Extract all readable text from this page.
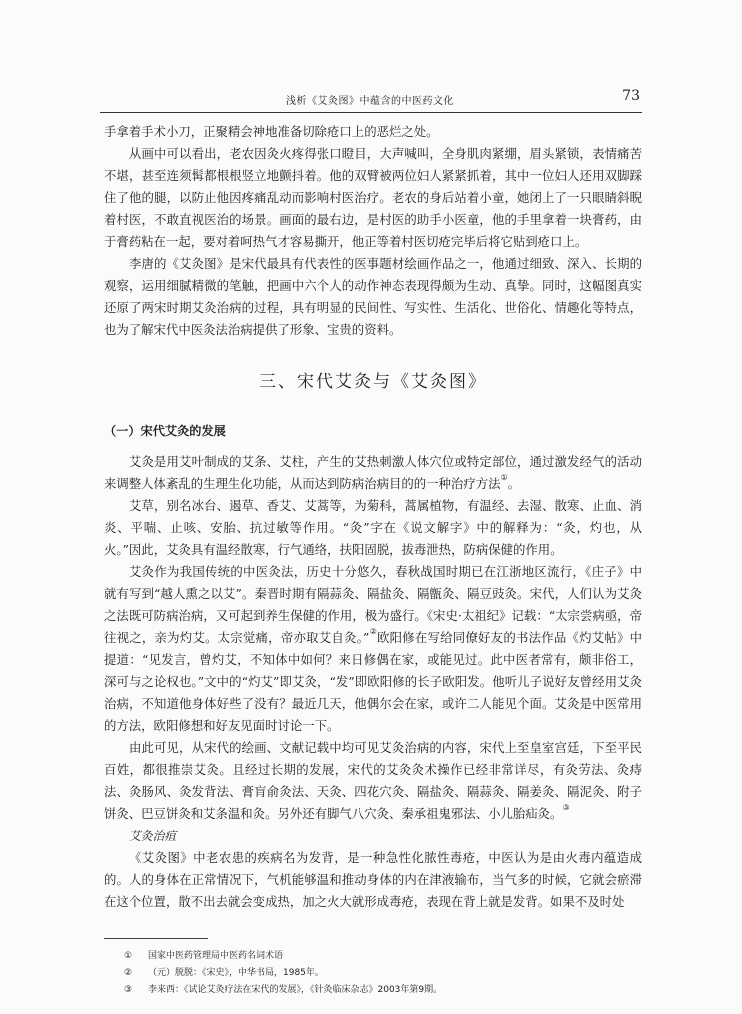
浅析《艾灸图》中蕴含的中医药文化	73

手拿着手术小刀，正聚精会神地准备切除疮口上的恶烂之处。

从画中可以看出，老农因灸火疼得张口瞪目，大声喊叫，全身肌肉紧绷，眉头紧锁，表情痛苦不堪，甚至连须髯都根根竖立地颤抖着。他的双臂被两位妇人紧紧抓着，其中一位妇人还用双脚踩住了他的腿，以防止他因疼痛乱动而影响村医治疗。老农的身后站着小童，她闭上了一只眼睛斜睨着村医，不敢直视医治的场景。画面的最右边，是村医的助手小医童，他的手里拿着一块膏药，由于膏药粘在一起，要对着呵热气才容易撕开，他正等着村医切疮完毕后将它贴到疮口上。

李唐的《艾灸图》是宋代最具有代表性的医事题材绘画作品之一，他通过细致、深入、长期的观察，运用细腻精微的笔触，把画中六个人的动作神态表现得颇为生动、真挚。同时，这幅图真实还原了两宋时期艾灸治病的过程，具有明显的民间性、写实性、生活化、世俗化、情趣化等特点，也为了解宋代中医灸法治病提供了形象、宝贵的资料。

三、宋代艾灸与《艾灸图》
（一）宋代艾灸的发展

艾灸是用艾叶制成的艾条、艾柱，产生的艾热刺激人体穴位或特定部位，通过激发经气的活动来调整人体紊乱的生理生化功能，从而达到防病治病目的的一种治疗方法①。

艾草，别名冰台、遏草、香艾、艾蒿等，为菊科，蒿属植物，有温经、去湿、散寒、止血、消炎、平喘、止咳、安胎、抗过敏等作用。“灸”字在《说文解字》中的解释为：“灸，灼也，从火。”因此，艾灸具有温经散寒，行气通络，扶阳固脱，拔毒泄热，防病保健的作用。

艾灸作为我国传统的中医灸法，历史十分悠久，春秋战国时期已在江浙地区流行，《庄子》中就有写到“越人熏之以艾”。秦晋时期有隔蒜灸、隔盐灸、隔甑灸、隔豆豉灸。宋代，人们认为艾灸之法既可防病治病，又可起到养生保健的作用，极为盛行。《宋史·太祖纪》记载：“太宗尝病亟，帝往视之，亲为灼艾。太宗觉痛，帝亦取艾自灸。”②欧阳修在写给同僚好友的书法作品《灼艾帖》中提道：“见发言，曾灼艾，不知体中如何？来日修偶在家，或能见过。此中医者常有，颇非俗工，深可与之论权也。”文中的“灼艾”即艾灸，“发”即欧阳修的长子欧阳发。他听儿子说好友曾经用艾灸治病，不知道他身体好些了没有？最近几天，他偶尔会在家，或许二人能见个面。艾灸是中医常用的方法，欧阳修想和好友见面时讨论一下。

由此可见，从宋代的绘画、文献记载中均可见艾灸治病的内容，宋代上至皇室宫廷，下至平民百姓，都很推崇艾灸。且经过长期的发展，宋代的艾灸灸术操作已经非常详尽，有灸劳法、灸痔法、灸肠风、灸发背法、膏肓俞灸法、天灸、四花穴灸、隔盐灸、隔蒜灸、隔姜灸、隔泥灸、附子饼灸、巴豆饼灸和艾条温和灸。另外还有脚气八穴灸、秦承祖鬼邪法、小儿胎疝灸。③

艾灸治疽

《艾灸图》中老农患的疾病名为发背，是一种急性化脓性毒疮，中医认为是由火毒内蕴造成的。人的身体在正常情况下，气机能够温和推动身体的内在津液输布，当气多的时候，它就会瘀滞在这个位置，散不出去就会变成热，加之火大就形成毒疮，表现在背上就是发背。如果不及时处

① 国家中医药管理局中医药名词术语
② （元）脱脱：《宋史》，中华书局，1985年。
③ 李来西：《试论艾灸疗法在宋代的发展》，《针灸临床杂志》2003年第9期。
